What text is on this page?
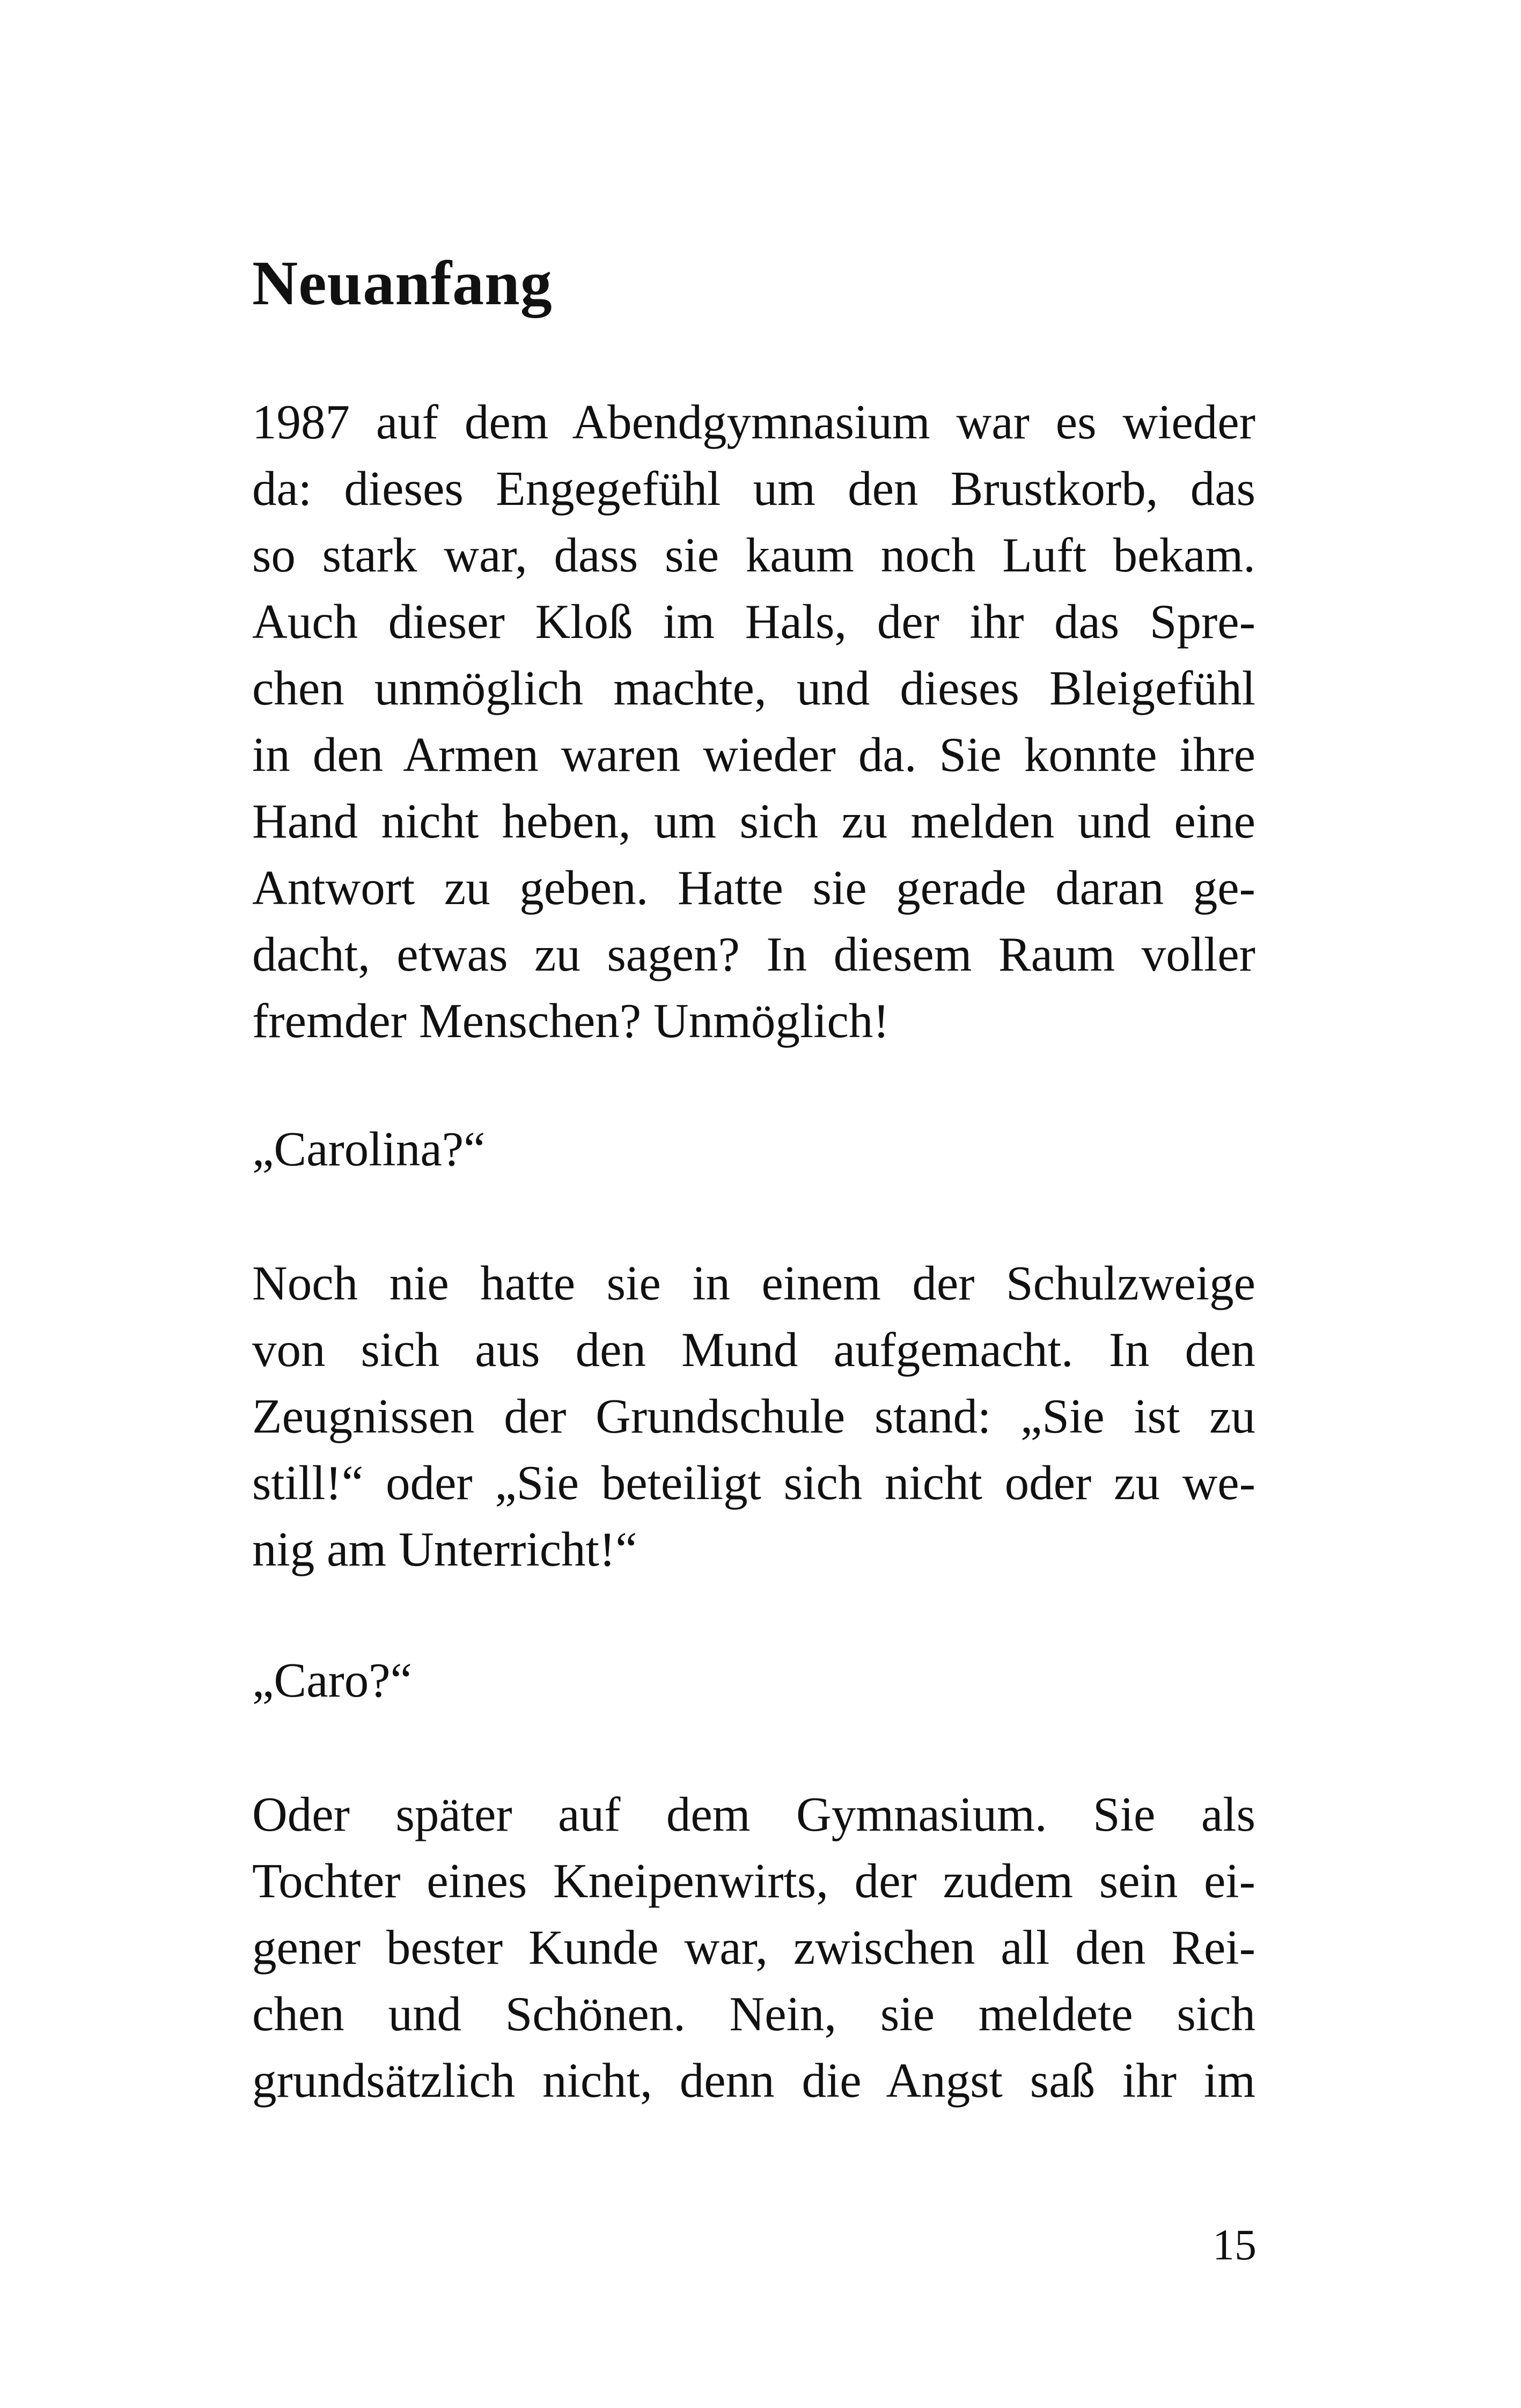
Neuanfang
1987 auf dem Abendgymnasium war es wieder
da: dieses Engegefühl um den Brustkorb, das
so stark war, dass sie kaum noch Luft bekam.
Auch dieser Kloß im Hals, der ihr das Spre-
chen unmöglich machte, und dieses Bleigefühl
in den Armen waren wieder da. Sie konnte ihre
Hand nicht heben, um sich zu melden und eine
Antwort zu geben. Hatte sie gerade daran ge-
dacht, etwas zu sagen? In diesem Raum voller
fremder Menschen? Unmöglich!
„Carolina?“
Noch nie hatte sie in einem der Schulzweige
von sich aus den Mund aufgemacht. In den
Zeugnissen der Grundschule stand: „Sie ist zu
still!“ oder „Sie beteiligt sich nicht oder zu we-
nig am Unterricht!“
„Caro?“
Oder später auf dem Gymnasium. Sie als
Tochter eines Kneipenwirts, der zudem sein ei-
gener bester Kunde war, zwischen all den Rei-
chen und Schönen. Nein, sie meldete sich
grundsätzlich nicht, denn die Angst saß ihr im
15
